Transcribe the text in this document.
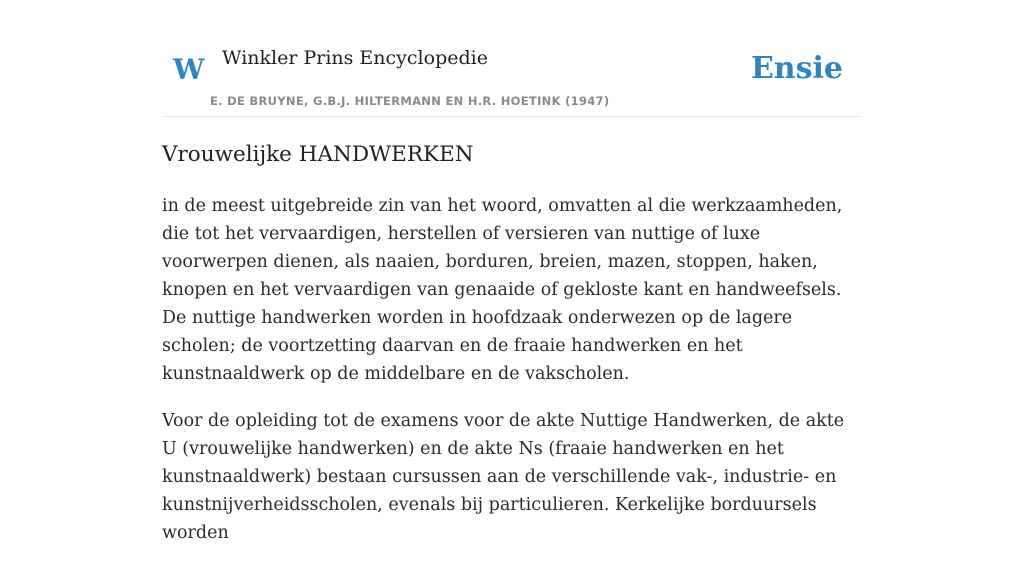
W Winkler Prins Encyclopedie
E. DE BRUYNE, G.B.J. HILTERMANN EN H.R. HOETINK (1947)
Ensie
Vrouwelijke HANDWERKEN

in de meest uitgebreide zin van het woord, omvatten al die werkzaamheden, die tot het vervaardigen, herstellen of versieren van nuttige of luxe voorwerpen dienen, als naaien, borduren, breien, mazen, stoppen, haken, knopen en het vervaardigen van genaaide of gekloste kant en handweefsels. De nuttige handwerken worden in hoofdzaak onderwezen op de lagere scholen; de voortzetting daarvan en de fraaie handwerken en het kunstnaaldwerk op de middelbare en de vakscholen.

Voor de opleiding tot de examens voor de akte Nuttige Handwerken, de akte U (vrouwelijke handwerken) en de akte Ns (fraaie handwerken en het kunstnaaldwerk) bestaan cursussen aan de verschillende vak-, industrie- en kunstnijverheidsscholen, evenals bij particulieren. Kerkelijke borduursels worden
